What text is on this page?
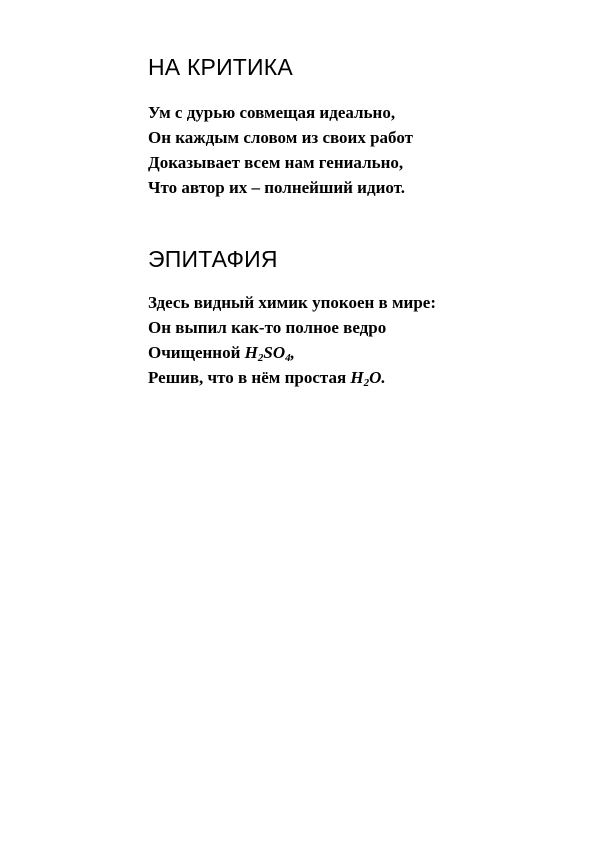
НА КРИТИКА
Ум с дурью совмещая идеально,
Он каждым словом из своих работ
Доказывает всем нам гениально,
Что автор их – полнейший идиот.
ЭПИТАФИЯ
Здесь видный химик упокоен в мире:
Он выпил как-то полное ведро
Очищенной $H_2SO_4$,
Решив, что в нём простая $H_2O$.
